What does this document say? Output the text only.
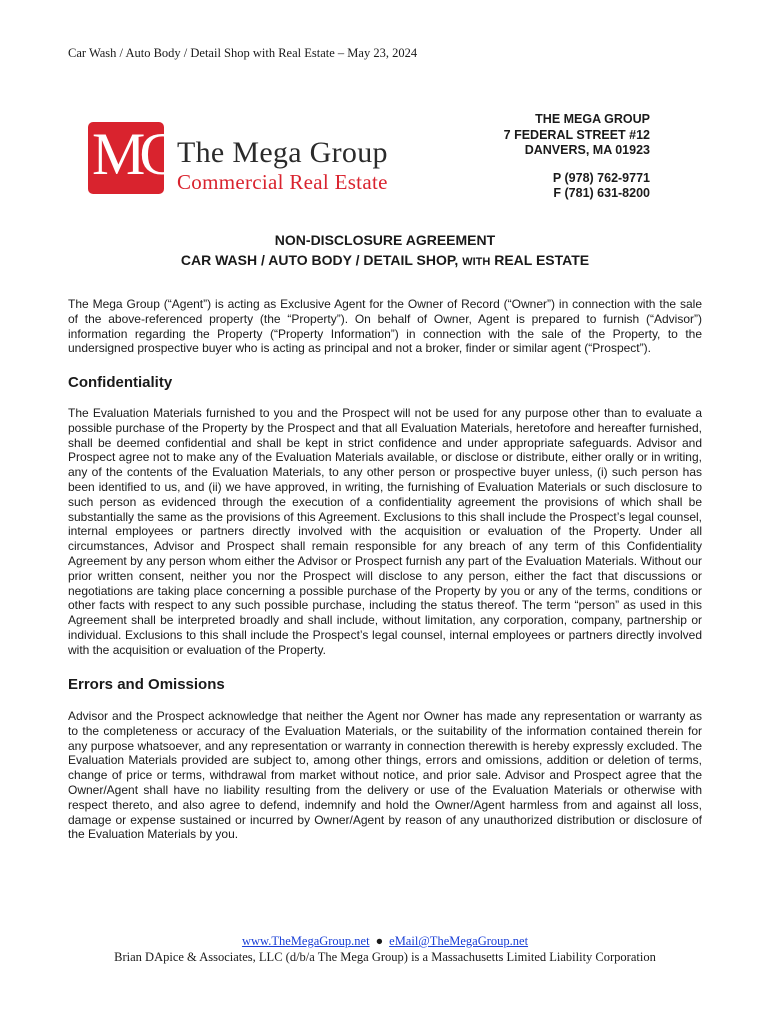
Car Wash / Auto Body / Detail Shop with Real Estate – May 23, 2024
MG The Mega Group
Commercial Real Estate
THE MEGA GROUP
7 FEDERAL STREET #12
DANVERS, MA 01923
P (978) 762-9771
F (781) 631-8200
NON-DISCLOSURE AGREEMENT
CAR WASH / AUTO BODY / DETAIL SHOP, WITH REAL ESTATE
The Mega Group (“Agent”) is acting as Exclusive Agent for the Owner of Record (“Owner”) in connection with the sale of the above-referenced property (the “Property”). On behalf of Owner, Agent is prepared to furnish (“Advisor”) information regarding the Property (“Property Information”) in connection with the sale of the Property, to the undersigned prospective buyer who is acting as principal and not a broker, finder or similar agent (“Prospect”).
Confidentiality
The Evaluation Materials furnished to you and the Prospect will not be used for any purpose other than to evaluate a possible purchase of the Property by the Prospect and that all Evaluation Materials, heretofore and hereafter furnished, shall be deemed confidential and shall be kept in strict confidence and under appropriate safeguards. Advisor and Prospect agree not to make any of the Evaluation Materials available, or disclose or distribute, either orally or in writing, any of the contents of the Evaluation Materials, to any other person or prospective buyer unless, (i) such person has been identified to us, and (ii) we have approved, in writing, the furnishing of Evaluation Materials or such disclosure to such person as evidenced through the execution of a confidentiality agreement the provisions of which shall be substantially the same as the provisions of this Agreement. Exclusions to this shall include the Prospect’s legal counsel, internal employees or partners directly involved with the acquisition or evaluation of the Property. Under all circumstances, Advisor and Prospect shall remain responsible for any breach of any term of this Confidentiality Agreement by any person whom either the Advisor or Prospect furnish any part of the Evaluation Materials. Without our prior written consent, neither you nor the Prospect will disclose to any person, either the fact that discussions or negotiations are taking place concerning a possible purchase of the Property by you or any of the terms, conditions or other facts with respect to any such possible purchase, including the status thereof. The term “person” as used in this Agreement shall be interpreted broadly and shall include, without limitation, any corporation, company, partnership or individual. Exclusions to this shall include the Prospect’s legal counsel, internal employees or partners directly involved with the acquisition or evaluation of the Property.
Errors and Omissions
Advisor and the Prospect acknowledge that neither the Agent nor Owner has made any representation or warranty as to the completeness or accuracy of the Evaluation Materials, or the suitability of the information contained therein for any purpose whatsoever, and any representation or warranty in connection therewith is hereby expressly excluded. The Evaluation Materials provided are subject to, among other things, errors and omissions, addition or deletion of terms, change of price or terms, withdrawal from market without notice, and prior sale. Advisor and Prospect agree that the Owner/Agent shall have no liability resulting from the delivery or use of the Evaluation Materials or otherwise with respect thereto, and also agree to defend, indemnify and hold the Owner/Agent harmless from and against all loss, damage or expense sustained or incurred by Owner/Agent by reason of any unauthorized distribution or disclosure of the Evaluation Materials by you.
www.TheMegaGroup.net ● eMail@TheMegaGroup.net
Brian DApice & Associates, LLC (d/b/a The Mega Group) is a Massachusetts Limited Liability Corporation
